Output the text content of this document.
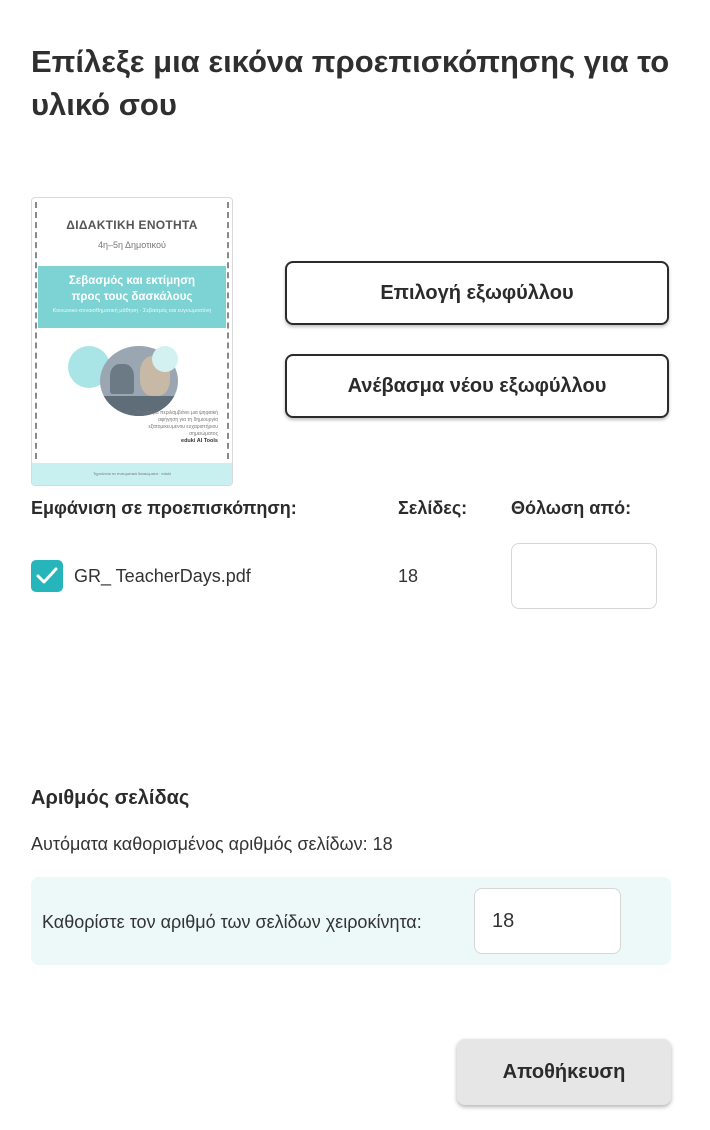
Επίλεξε μια εικόνα προεπισκόπησης για το υλικό σου
ΔΙΔΑΚΤΙΚΗ ΕΝΟΤΗΤΑ
4η–5η Δημοτικού
Σεβασμός και εκτίμηση
προς τους δασκάλους
Κοινωνικο-συναισθηματική μάθηση · Σεβασμός και ευγνωμοσύνη
Η ενότητα περιλαμβάνει μια ψηφιακή αφήγηση για τη δημιουργία εξατομικευμένου ευχαριστήριου σημειώματος
eduki AI Tools
Τηρούνται τα πνευματικά δικαιώματα · eduki
Επιλογή εξωφύλλου
Ανέβασμα νέου εξωφύλλου
Εμφάνιση σε προεπισκόπηση:	Σελίδες: Θόλωση από:
GR_ TeacherDays.pdf	18
Αριθμός σελίδας
Αυτόματα καθορισμένος αριθμός σελίδων: 18
Καθορίστε τον αριθμό των σελίδων χειροκίνητα:
18
Αποθήκευση
